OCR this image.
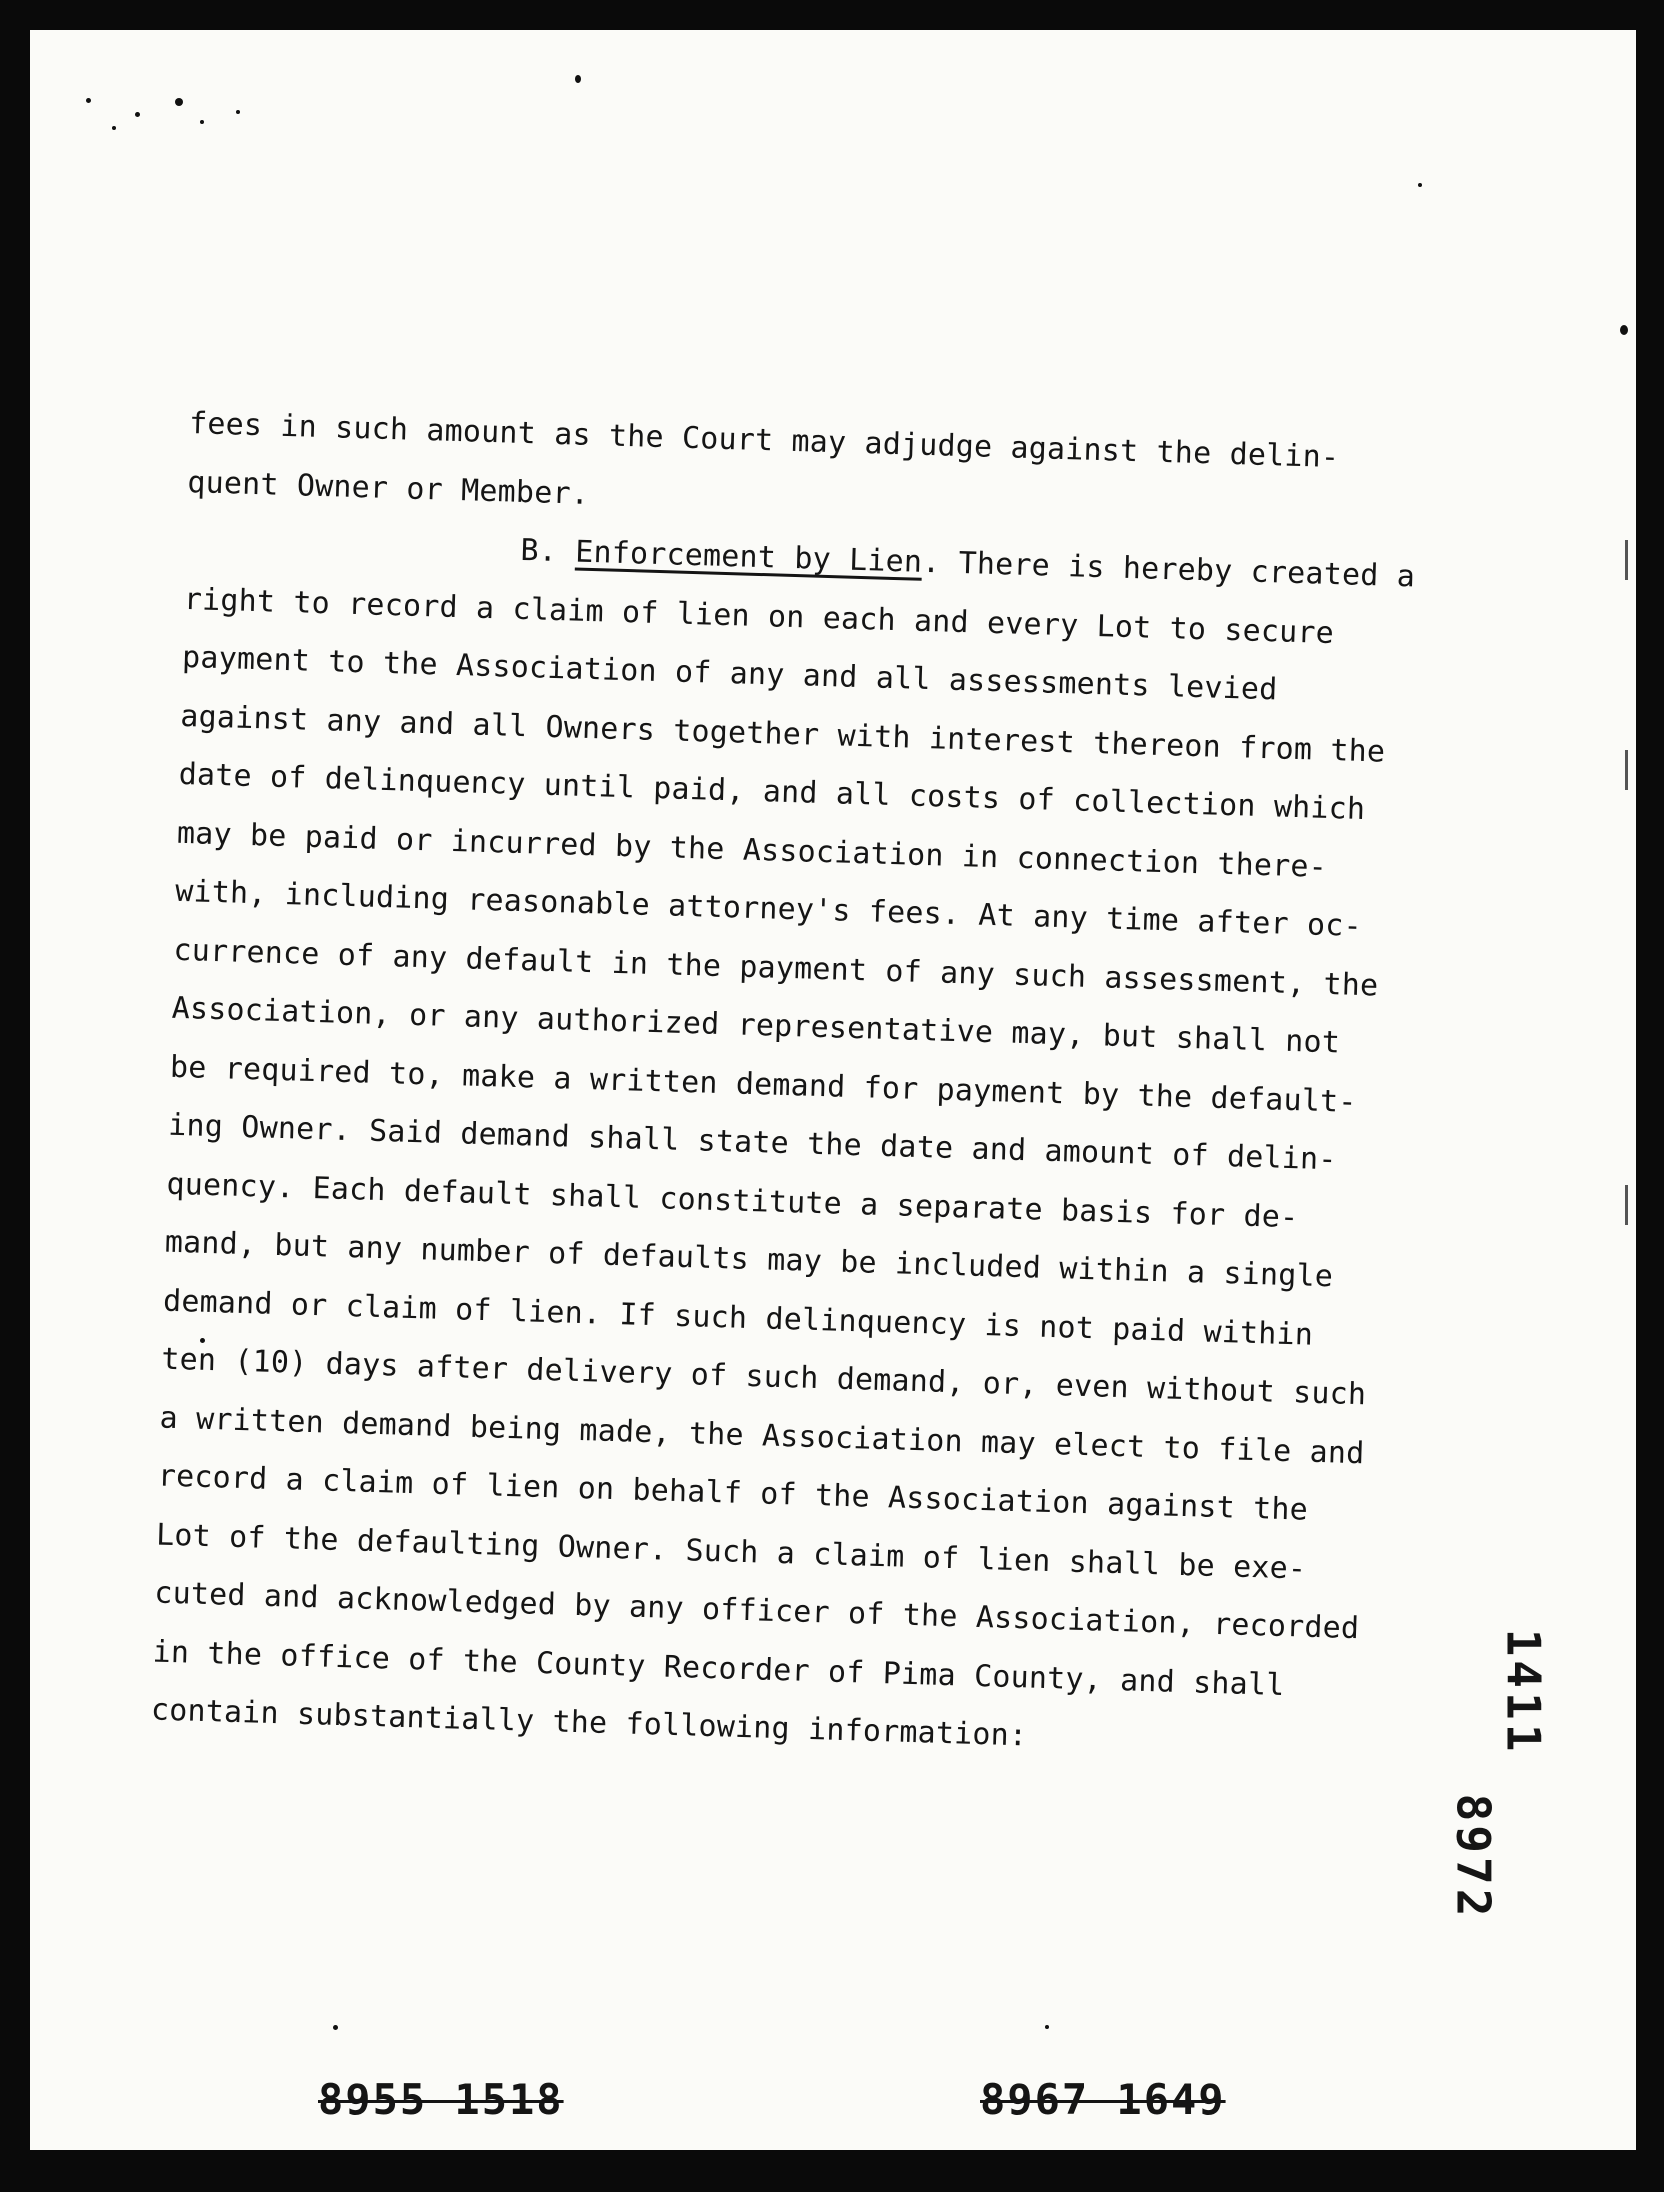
fees in such amount as the Court may adjudge against the delin-
quent Owner or Member.
B. Enforcement by Lien. There is hereby created a
right to record a claim of lien on each and every Lot to secure
payment to the Association of any and all assessments levied
against any and all Owners together with interest thereon from the
date of delinquency until paid, and all costs of collection which
may be paid or incurred by the Association in connection there-
with, including reasonable attorney's fees. At any time after oc-
currence of any default in the payment of any such assessment, the
Association, or any authorized representative may, but shall not
be required to, make a written demand for payment by the default-
ing Owner. Said demand shall state the date and amount of delin-
quency. Each default shall constitute a separate basis for de-
mand, but any number of defaults may be included within a single
demand or claim of lien. If such delinquency is not paid within
ten (10) days after delivery of such demand, or, even without such
a written demand being made, the Association may elect to file and
record a claim of lien on behalf of the Association against the
Lot of the defaulting Owner. Such a claim of lien shall be exe-
cuted and acknowledged by any officer of the Association, recorded
in the office of the County Recorder of Pima County, and shall
contain substantially the following information:	1411
8972
8955 1518	8967 1649
